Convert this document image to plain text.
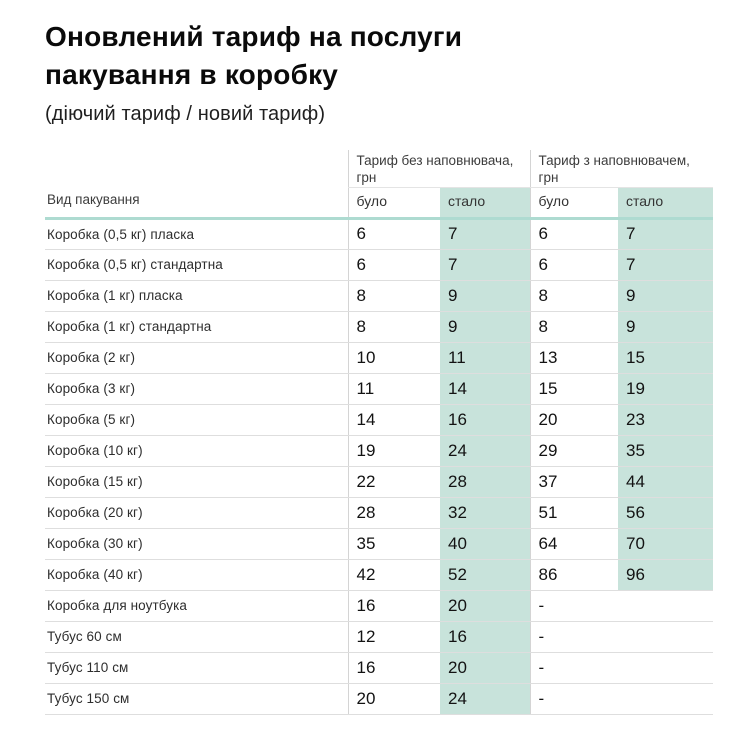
Оновлений тариф на послуги пакування в коробку
(діючий тариф / новий тариф)
Вид пакування	Тариф без наповнювача, грн		Тариф з наповнювачем, грн	
	було	стало	було	стало
Коробка (0,5 кг) пласка	6	7	6	7
Коробка (0,5 кг) стандартна	6	7	6	7
Коробка (1 кг) пласка	8	9	8	9
Коробка (1 кг) стандартна	8	9	8	9
Коробка (2 кг)	10	11	13	15
Коробка (3 кг)	11	14	15	19
Коробка (5 кг)	14	16	20	23
Коробка (10 кг)	19	24	29	35
Коробка (15 кг)	22	28	37	44
Коробка (20 кг)	28	32	51	56
Коробка (30 кг)	35	40	64	70
Коробка (40 кг)	42	52	86	96
Коробка для ноутбука	16	20	-	
Тубус 60 см	12	16	-	
Тубус 110 см	16	20	-	
Тубус 150 см	20	24	-	
